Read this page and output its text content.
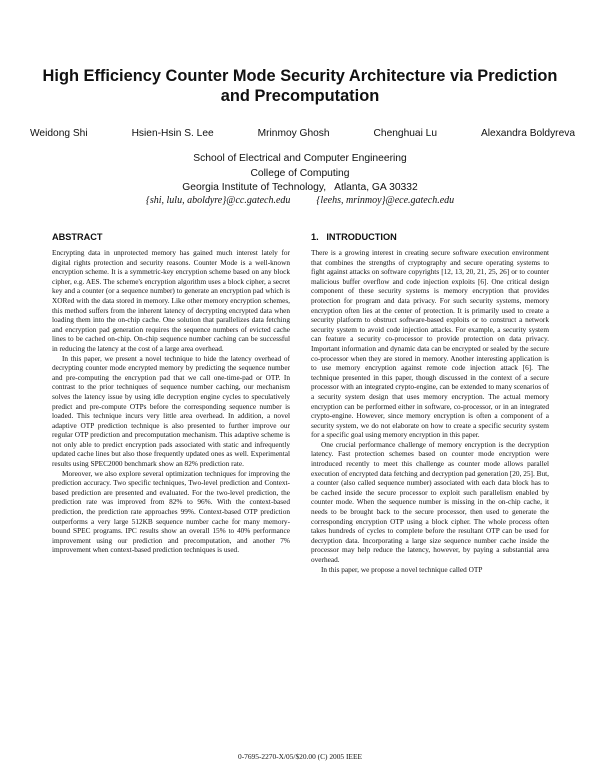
High Efficiency Counter Mode Security Architecture via Prediction and Precomputation
Weidong Shi	Hsien-Hsin S. Lee	Mrinmoy Ghosh	Chenghuai Lu	Alexandra Boldyreva
School of Electrical and Computer Engineering
College of Computing
Georgia Institute of Technology,   Atlanta, GA 30332
{shi, lulu, aboldyre}@cc.gatech.edu	{leehs, mrinmoy}@ece.gatech.edu
ABSTRACT

Encrypting data in unprotected memory has gained much interest lately for digital rights protection and security reasons. Counter Mode is a well-known encryption scheme. It is a symmetric-key encryption scheme based on any block cipher, e.g. AES. The scheme's encryption algorithm uses a block cipher, a secret key and a counter (or a sequence number) to generate an encryption pad which is XORed with the data stored in memory. Like other memory encryption schemes, this method suffers from the inherent latency of decrypting encrypted data when loading them into the on-chip cache. One solution that parallelizes data fetching and encryption pad generation requires the sequence numbers of evicted cache lines to be cached on-chip. On-chip sequence number caching can be successful in reducing the latency at the cost of a large area overhead.

In this paper, we present a novel technique to hide the latency overhead of decrypting counter mode encrypted memory by predicting the sequence number and pre-computing the encryption pad that we call one-time-pad or OTP. In contrast to the prior techniques of sequence number caching, our mechanism solves the latency issue by using idle decryption engine cycles to speculatively predict and pre-compute OTPs before the corresponding sequence number is loaded. This technique incurs very little area overhead. In addition, a novel adaptive OTP prediction technique is also presented to further improve our regular OTP prediction and precomputation mechanism. This adaptive scheme is not only able to predict encryption pads associated with static and infrequently updated cache lines but also those frequently updated ones as well. Experimental results using SPEC2000 benchmark show an 82% prediction rate.

Moreover, we also explore several optimization techniques for improving the prediction accuracy. Two specific techniques, Two-level prediction and Context-based prediction are presented and evaluated. For the two-level prediction, the prediction rate was improved from 82% to 96%. With the context-based prediction, the prediction rate approaches 99%. Context-based OTP prediction outperforms a very large 512KB sequence number cache for many memory-bound SPEC programs. IPC results show an overall 15% to 40% performance improvement using our prediction and precomputation, and another 7% improvement when context-based prediction techniques is used.

1.   INTRODUCTION

There is a growing interest in creating secure software execution environment that combines the strengths of cryptography and secure operating systems to fight against attacks on software copyrights [12, 13, 20, 21, 25, 26] or to counter malicious buffer overflow and code injection exploits [6]. One critical design component of these security systems is memory encryption that provides protection for program and data privacy. For such security systems, memory encryption often lies at the center of protection. It is primarily used to create a security platform to obstruct software-based exploits or to construct a network security system to avoid code injection attacks. For example, a security system can feature a security co-processor to provide protection on data privacy. Important information and dynamic data can be encrypted or sealed by the secure co-processor when they are stored in memory. Another interesting application is to use memory encryption against remote code injection attack [6]. The technique presented in this paper, though discussed in the context of a secure processor with an integrated crypto-engine, can be extended to many scenarios of a security system design that uses memory encryption. The actual memory encryption can be performed either in software, co-processor, or in an integrated crypto-engine. However, since memory encryption is often a component of a security system, we do not elaborate on how to create a specific security system for a specific goal using memory encryption in this paper.

One crucial performance challenge of memory encryption is the decryption latency. Fast protection schemes based on counter mode encryption were introduced recently to meet this challenge as counter mode allows parallel execution of encrypted data fetching and decryption pad generation [20, 25]. But, a counter (also called sequence number) associated with each data block has to be cached inside the secure processor to exploit such parallelism enabled by counter mode. When the sequence number is missing in the on-chip cache, it needs to be brought back to the secure processor, then used to generate the corresponding encryption OTP using a block cipher. The whole process often takes hundreds of cycles to complete before the resultant OTP can be used for decryption data. Incorporating a large size sequence number cache inside the processor may help reduce the latency, however, by paying a substantial area overhead.

In this paper, we propose a novel technique called OTP

0-7695-2270-X/05/$20.00 (C) 2005 IEEE
